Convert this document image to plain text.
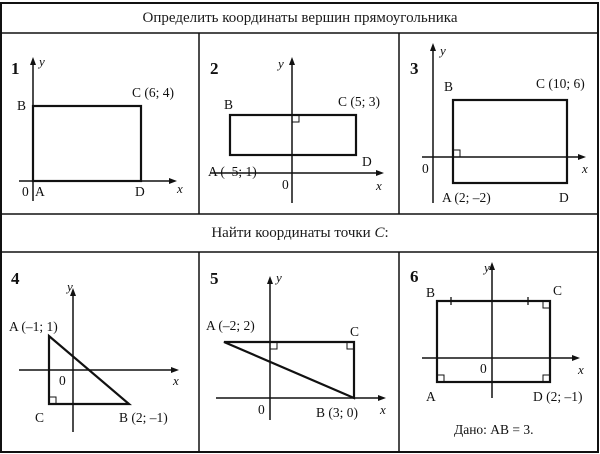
Определить координаты вершин прямоугольника
Найти координаты точки C:
1 y
x
B
C (6; 4)
0 A	D
2	y
x
B	C (5; 3)
A (–5; 1)
D
0
3
y
x
B	C (10; 6)
0
A (2; –2)	D
4	y
x
A (–1; 1)
0
C	B (2; –1)
5	y
x
A (–2; 2)	C
0	B (3; 0)
6	y
x
B	C
0
A	D (2; –1)
Дано: AB = 3.
